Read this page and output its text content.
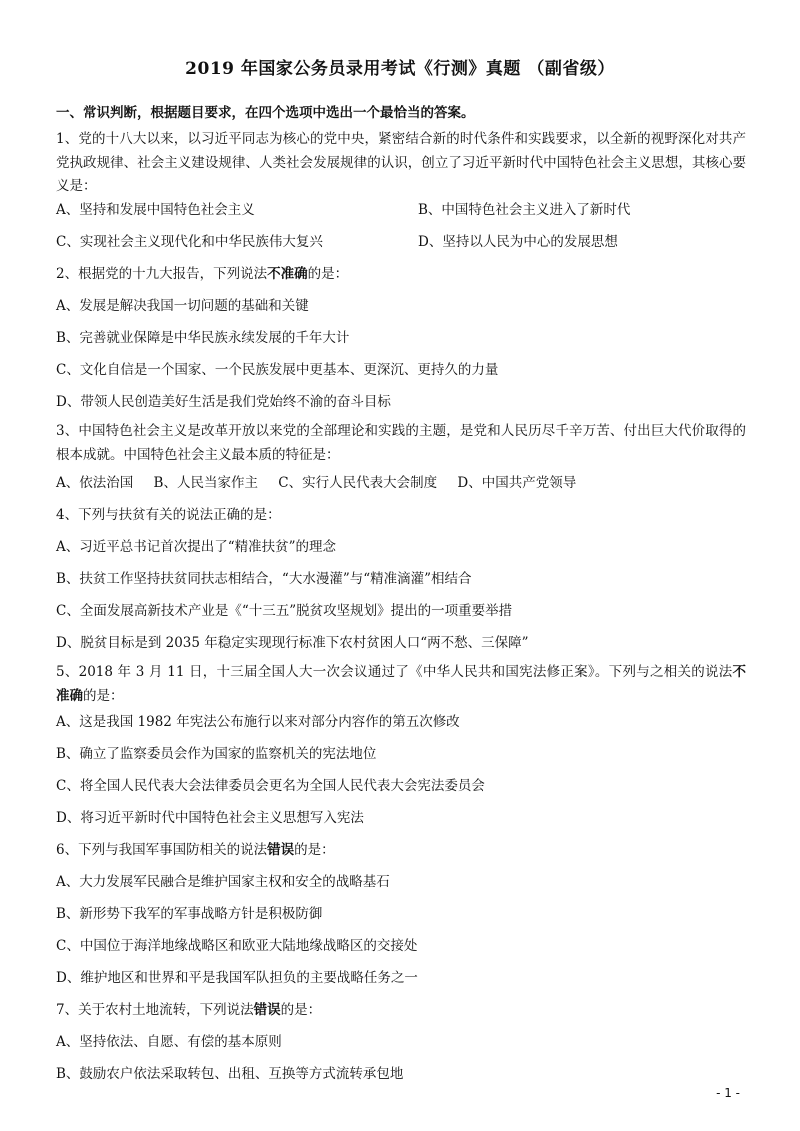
2019 年国家公务员录用考试《行测》真题 （副省级）
一、常识判断，根据题目要求，在四个选项中选出一个最恰当的答案。
1、党的十八大以来，以习近平同志为核心的党中央，紧密结合新的时代条件和实践要求，以全新的视野深化对共产党执政规律、社会主义建设规律、人类社会发展规律的认识，创立了习近平新时代中国特色社会主义思想，其核心要义是：
A、坚持和发展中国特色社会主义	B、中国特色社会主义进入了新时代
C、实现社会主义现代化和中华民族伟大复兴	D、坚持以人民为中心的发展思想
2、根据党的十九大报告，下列说法不准确的是：
A、发展是解决我国一切问题的基础和关键
B、完善就业保障是中华民族永续发展的千年大计
C、文化自信是一个国家、一个民族发展中更基本、更深沉、更持久的力量
D、带领人民创造美好生活是我们党始终不渝的奋斗目标
3、中国特色社会主义是改革开放以来党的全部理论和实践的主题，是党和人民历尽千辛万苦、付出巨大代价取得的根本成就。中国特色社会主义最本质的特征是：
A、依法治国 B、人民当家作主 C、实行人民代表大会制度 D、中国共产党领导
4、下列与扶贫有关的说法正确的是：
A、习近平总书记首次提出了“精准扶贫”的理念
B、扶贫工作坚持扶贫同扶志相结合，“大水漫灌”与“精准滴灌”相结合
C、全面发展高新技术产业是《“十三五”脱贫攻坚规划》提出的一项重要举措
D、脱贫目标是到 2035 年稳定实现现行标准下农村贫困人口“两不愁、三保障”
5、2018 年 3 月 11 日，十三届全国人大一次会议通过了《中华人民共和国宪法修正案》。下列与之相关的说法不准确的是：
A、这是我国 1982 年宪法公布施行以来对部分内容作的第五次修改
B、确立了监察委员会作为国家的监察机关的宪法地位
C、将全国人民代表大会法律委员会更名为全国人民代表大会宪法委员会
D、将习近平新时代中国特色社会主义思想写入宪法
6、下列与我国军事国防相关的说法错误的是：
A、大力发展军民融合是维护国家主权和安全的战略基石
B、新形势下我军的军事战略方针是积极防御
C、中国位于海洋地缘战略区和欧亚大陆地缘战略区的交接处
D、维护地区和世界和平是我国军队担负的主要战略任务之一
7、关于农村土地流转，下列说法错误的是：
A、坚持依法、自愿、有偿的基本原则
B、鼓励农户依法采取转包、出租、互换等方式流转承包地
- 1 -
